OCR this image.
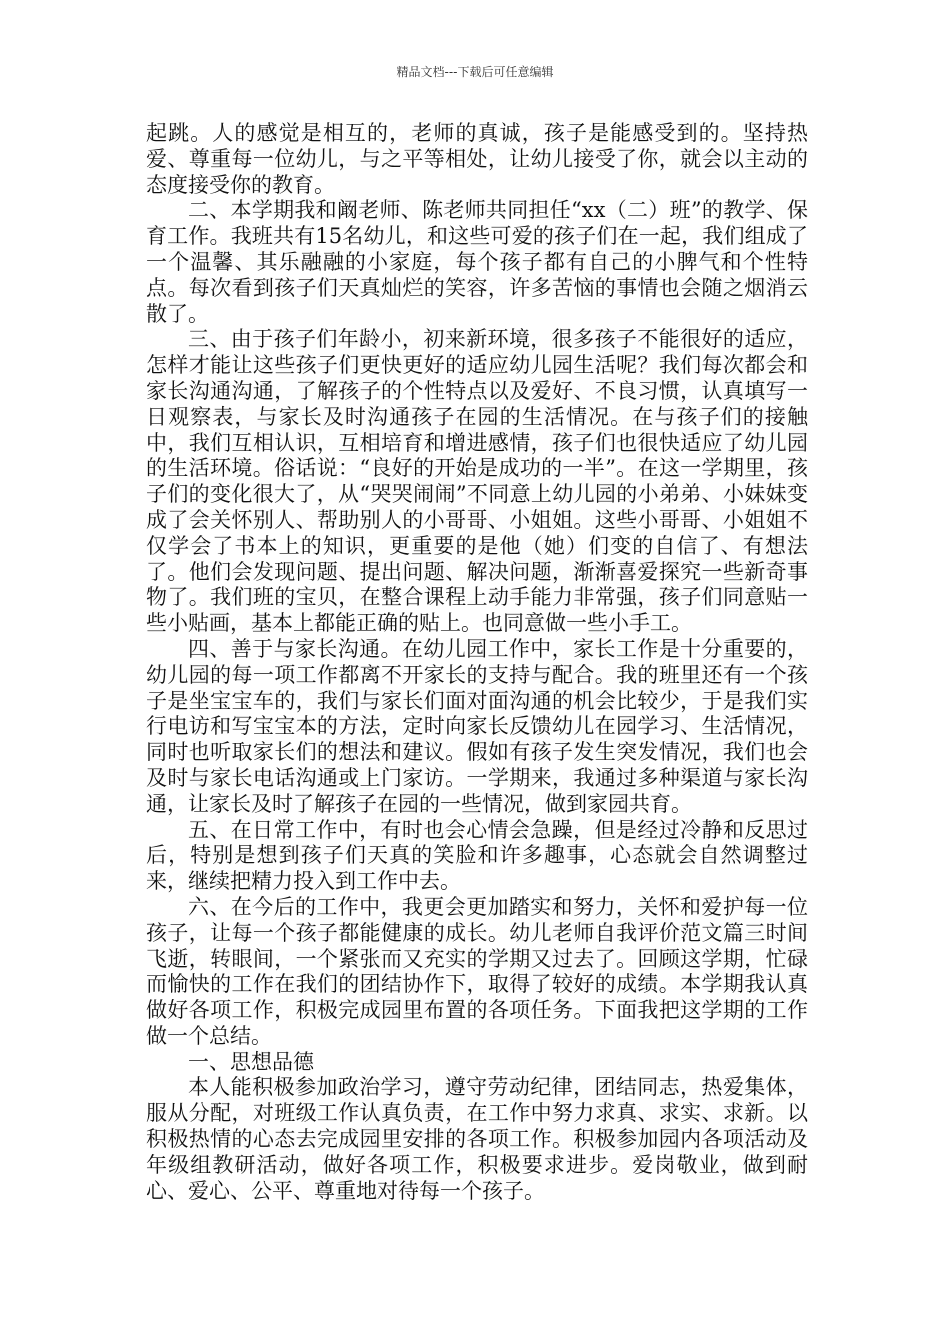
精品文档---下载后可任意编辑

起跳。人的感觉是相互的，老师的真诚，孩子是能感受到的。坚持热爱、尊重每一位幼儿，与之平等相处，让幼儿接受了你，就会以主动的态度接受你的教育。

二、本学期我和阚老师、陈老师共同担任“xx（二）班”的教学、保育工作。我班共有15名幼儿，和这些可爱的孩子们在一起，我们组成了一个温馨、其乐融融的小家庭，每个孩子都有自己的小脾气和个性特点。每次看到孩子们天真灿烂的笑容，许多苦恼的事情也会随之烟消云散了。

三、由于孩子们年龄小，初来新环境，很多孩子不能很好的适应，怎样才能让这些孩子们更快更好的适应幼儿园生活呢？我们每次都会和家长沟通沟通，了解孩子的个性特点以及爱好、不良习惯，认真填写一日观察表，与家长及时沟通孩子在园的生活情况。在与孩子们的接触中，我们互相认识，互相培育和增进感情，孩子们也很快适应了幼儿园的生活环境。俗话说：“良好的开始是成功的一半”。在这一学期里，孩子们的变化很大了，从“哭哭闹闹”不同意上幼儿园的小弟弟、小妹妹变成了会关怀别人、帮助别人的小哥哥、小姐姐。这些小哥哥、小姐姐不仅学会了书本上的知识，更重要的是他（她）们变的自信了、有想法了。他们会发现问题、提出问题、解决问题，渐渐喜爱探究一些新奇事物了。我们班的宝贝，在整合课程上动手能力非常强，孩子们同意贴一些小贴画，基本上都能正确的贴上。也同意做一些小手工。

四、善于与家长沟通。在幼儿园工作中，家长工作是十分重要的，幼儿园的每一项工作都离不开家长的支持与配合。我的班里还有一个孩子是坐宝宝车的，我们与家长们面对面沟通的机会比较少，于是我们实行电访和写宝宝本的方法，定时向家长反馈幼儿在园学习、生活情况，同时也听取家长们的想法和建议。假如有孩子发生突发情况，我们也会及时与家长电话沟通或上门家访。一学期来，我通过多种渠道与家长沟通，让家长及时了解孩子在园的一些情况，做到家园共育。

五、在日常工作中，有时也会心情会急躁，但是经过冷静和反思过后，特别是想到孩子们天真的笑脸和许多趣事，心态就会自然调整过来，继续把精力投入到工作中去。

六、在今后的工作中，我更会更加踏实和努力，关怀和爱护每一位孩子，让每一个孩子都能健康的成长。幼儿老师自我评价范文篇三时间飞逝，转眼间，一个紧张而又充实的学期又过去了。回顾这学期，忙碌而愉快的工作在我们的团结协作下，取得了较好的成绩。本学期我认真做好各项工作，积极完成园里布置的各项任务。下面我把这学期的工作做一个总结。

一、思想品德

本人能积极参加政治学习，遵守劳动纪律，团结同志，热爱集体，服从分配，对班级工作认真负责，在工作中努力求真、求实、求新。以积极热情的心态去完成园里安排的各项工作。积极参加园内各项活动及年级组教研活动，做好各项工作，积极要求进步。爱岗敬业，做到耐心、爱心、公平、尊重地对待每一个孩子。
